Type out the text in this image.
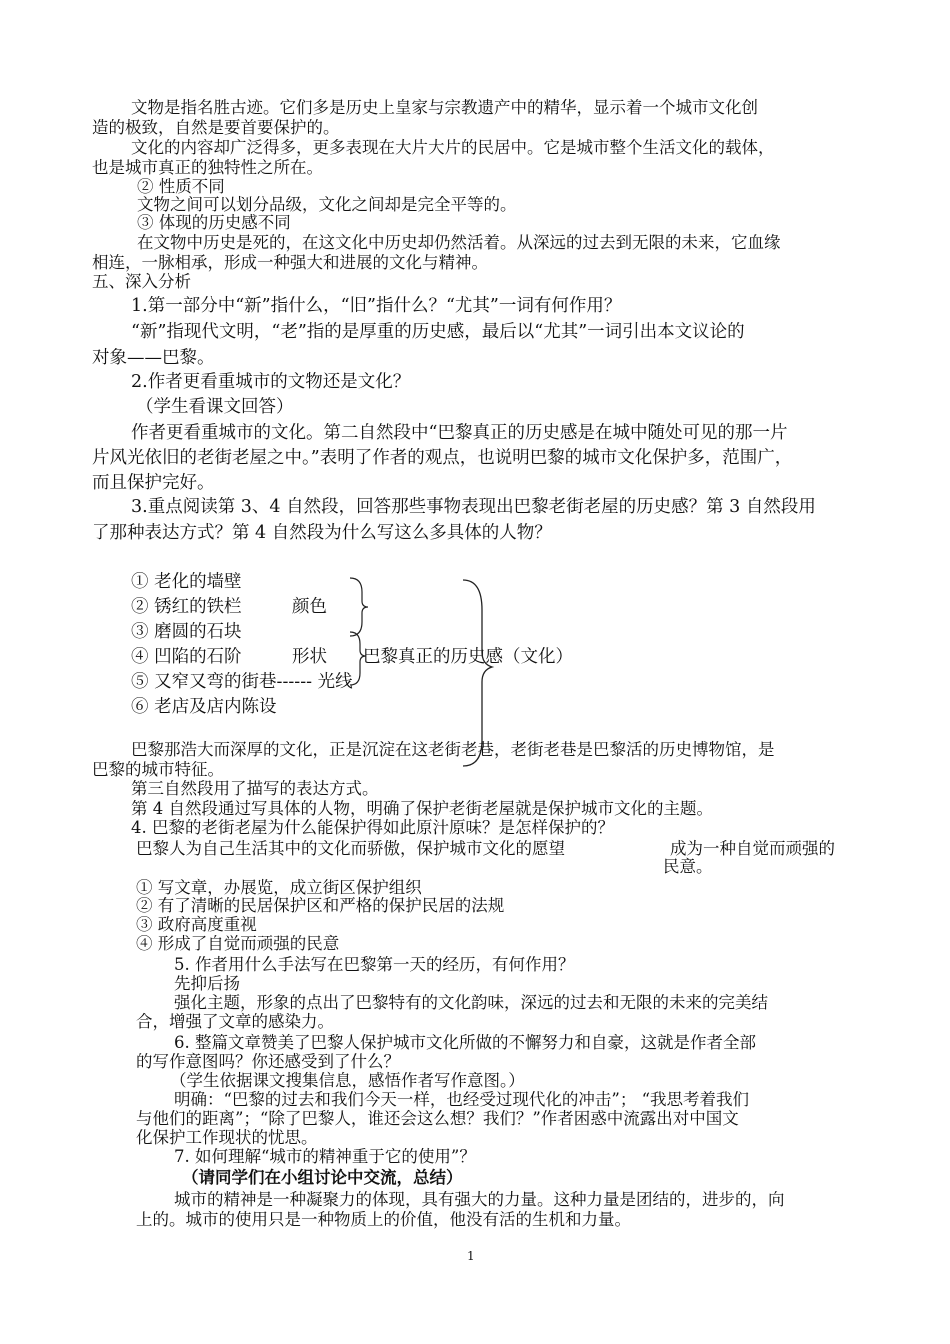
文物是指名胜古迹。它们多是历史上皇家与宗教遗产中的精华，显示着一个城市文化创
造的极致，自然是要首要保护的。
文化的内容却广泛得多，更多表现在大片大片的民居中。它是城市整个生活文化的载体，
也是城市真正的独特性之所在。
② 性质不同
文物之间可以划分品级，文化之间却是完全平等的。
③ 体现的历史感不同
在文物中历史是死的，在这文化中历史却仍然活着。从深远的过去到无限的未来，它血缘
相连，一脉相承，形成一种强大和进展的文化与精神。
五、深入分析
1.第一部分中“新”指什么，“旧”指什么？“尤其”一词有何作用？
“新”指现代文明，“老”指的是厚重的历史感，最后以“尤其”一词引出本文议论的
对象——巴黎。
2.作者更看重城市的文物还是文化？
（学生看课文回答）
作者更看重城市的文化。第二自然段中“巴黎真正的历史感是在城中随处可见的那一片
片风光依旧的老街老屋之中。”表明了作者的观点，也说明巴黎的城市文化保护多，范围广，
而且保护完好。
3.重点阅读第 3、4 自然段，回答那些事物表现出巴黎老街老屋的历史感？第 3 自然段用
了那种表达方式？第 4 自然段为什么写这么多具体的人物？
① 老化的墙壁
② 锈红的铁栏
③ 磨圆的石块
④ 凹陷的石阶
⑤ 又窄又弯的街巷------ 光线
⑥ 老店及店内陈设
颜色
形状 巴黎真正的历史感（文化）
巴黎那浩大而深厚的文化，正是沉淀在这老街老巷，老街老巷是巴黎活的历史博物馆，是
巴黎的城市特征。
第三自然段用了描写的表达方式。
第 4 自然段通过写具体的人物，明确了保护老街老屋就是保护城市文化的主题。
4. 巴黎的老街老屋为什么能保护得如此原汁原味？是怎样保护的？
巴黎人为自己生活其中的文化而骄傲，保护城市文化的愿望	成为一种自觉而顽强的
民意。
① 写文章，办展览，成立街区保护组织
② 有了清晰的民居保护区和严格的保护民居的法规
③ 政府高度重视
④ 形成了自觉而顽强的民意
5. 作者用什么手法写在巴黎第一天的经历，有何作用？
先抑后扬
强化主题，形象的点出了巴黎特有的文化韵味，深远的过去和无限的未来的完美结
合，增强了文章的感染力。
6. 整篇文章赞美了巴黎人保护城市文化所做的不懈努力和自豪，这就是作者全部
的写作意图吗？你还感受到了什么？
（学生依据课文搜集信息，感悟作者写作意图。）
明确：“巴黎的过去和我们今天一样，也经受过现代化的冲击”； “我思考着我们
与他们的距离”；“除了巴黎人，谁还会这么想？我们？”作者困惑中流露出对中国文
化保护工作现状的忧思。
7. 如何理解“城市的精神重于它的使用”？
（请同学们在小组讨论中交流，总结）
城市的精神是一种凝聚力的体现，具有强大的力量。这种力量是团结的，进步的，向
上的。城市的使用只是一种物质上的价值，他没有活的生机和力量。
1
